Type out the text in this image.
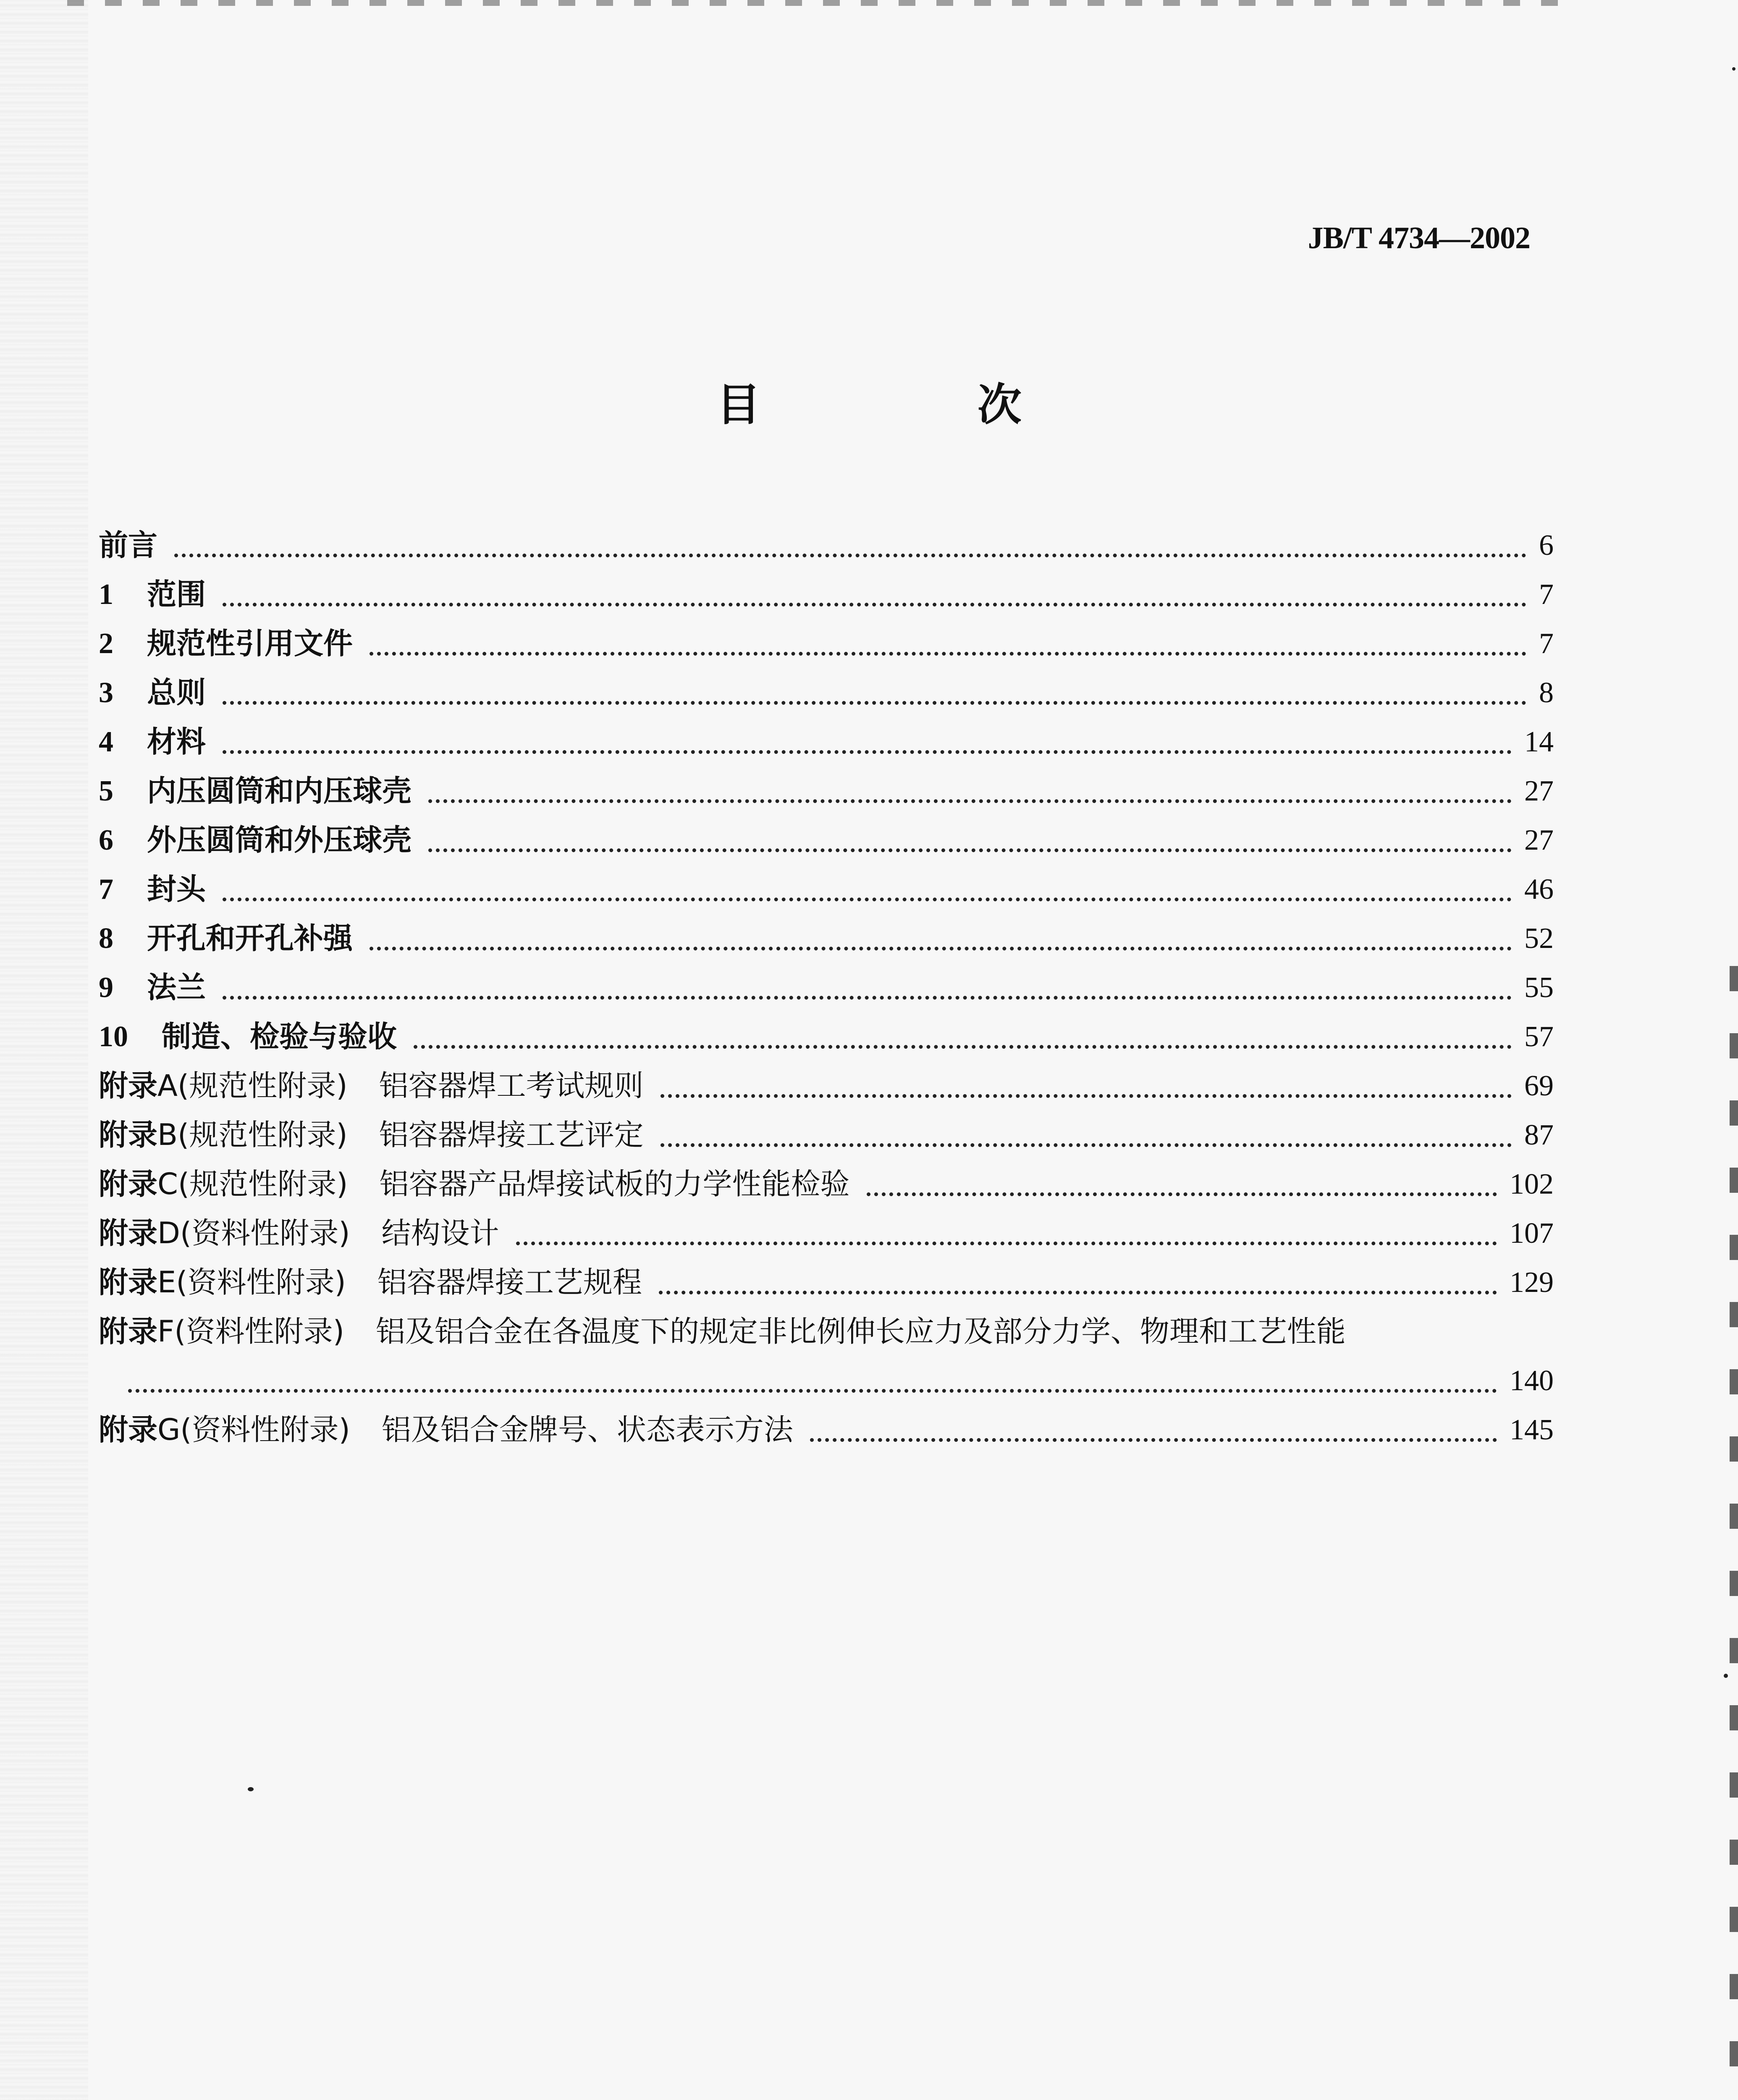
JB/T 4734—2002
目 次
前言	6
1	范围	7
2	规范性引用文件	7
3	总则	8
4	材料	14
5	内压圆筒和内压球壳	27
6	外压圆筒和外压球壳	27
7	封头	46
8	开孔和开孔补强	52
9	法兰	55
10	制造、检验与验收	57
附录A(规范性附录)	铝容器焊工考试规则	69
附录B(规范性附录)	铝容器焊接工艺评定	87
附录C(规范性附录)	铝容器产品焊接试板的力学性能检验	102
附录D(资料性附录)	结构设计	107
附录E(资料性附录)	铝容器焊接工艺规程	129
附录F(资料性附录)	铝及铝合金在各温度下的规定非比例伸长应力及部分力学、物理和工艺性能
140
附录G(资料性附录)	铝及铝合金牌号、状态表示方法	145
